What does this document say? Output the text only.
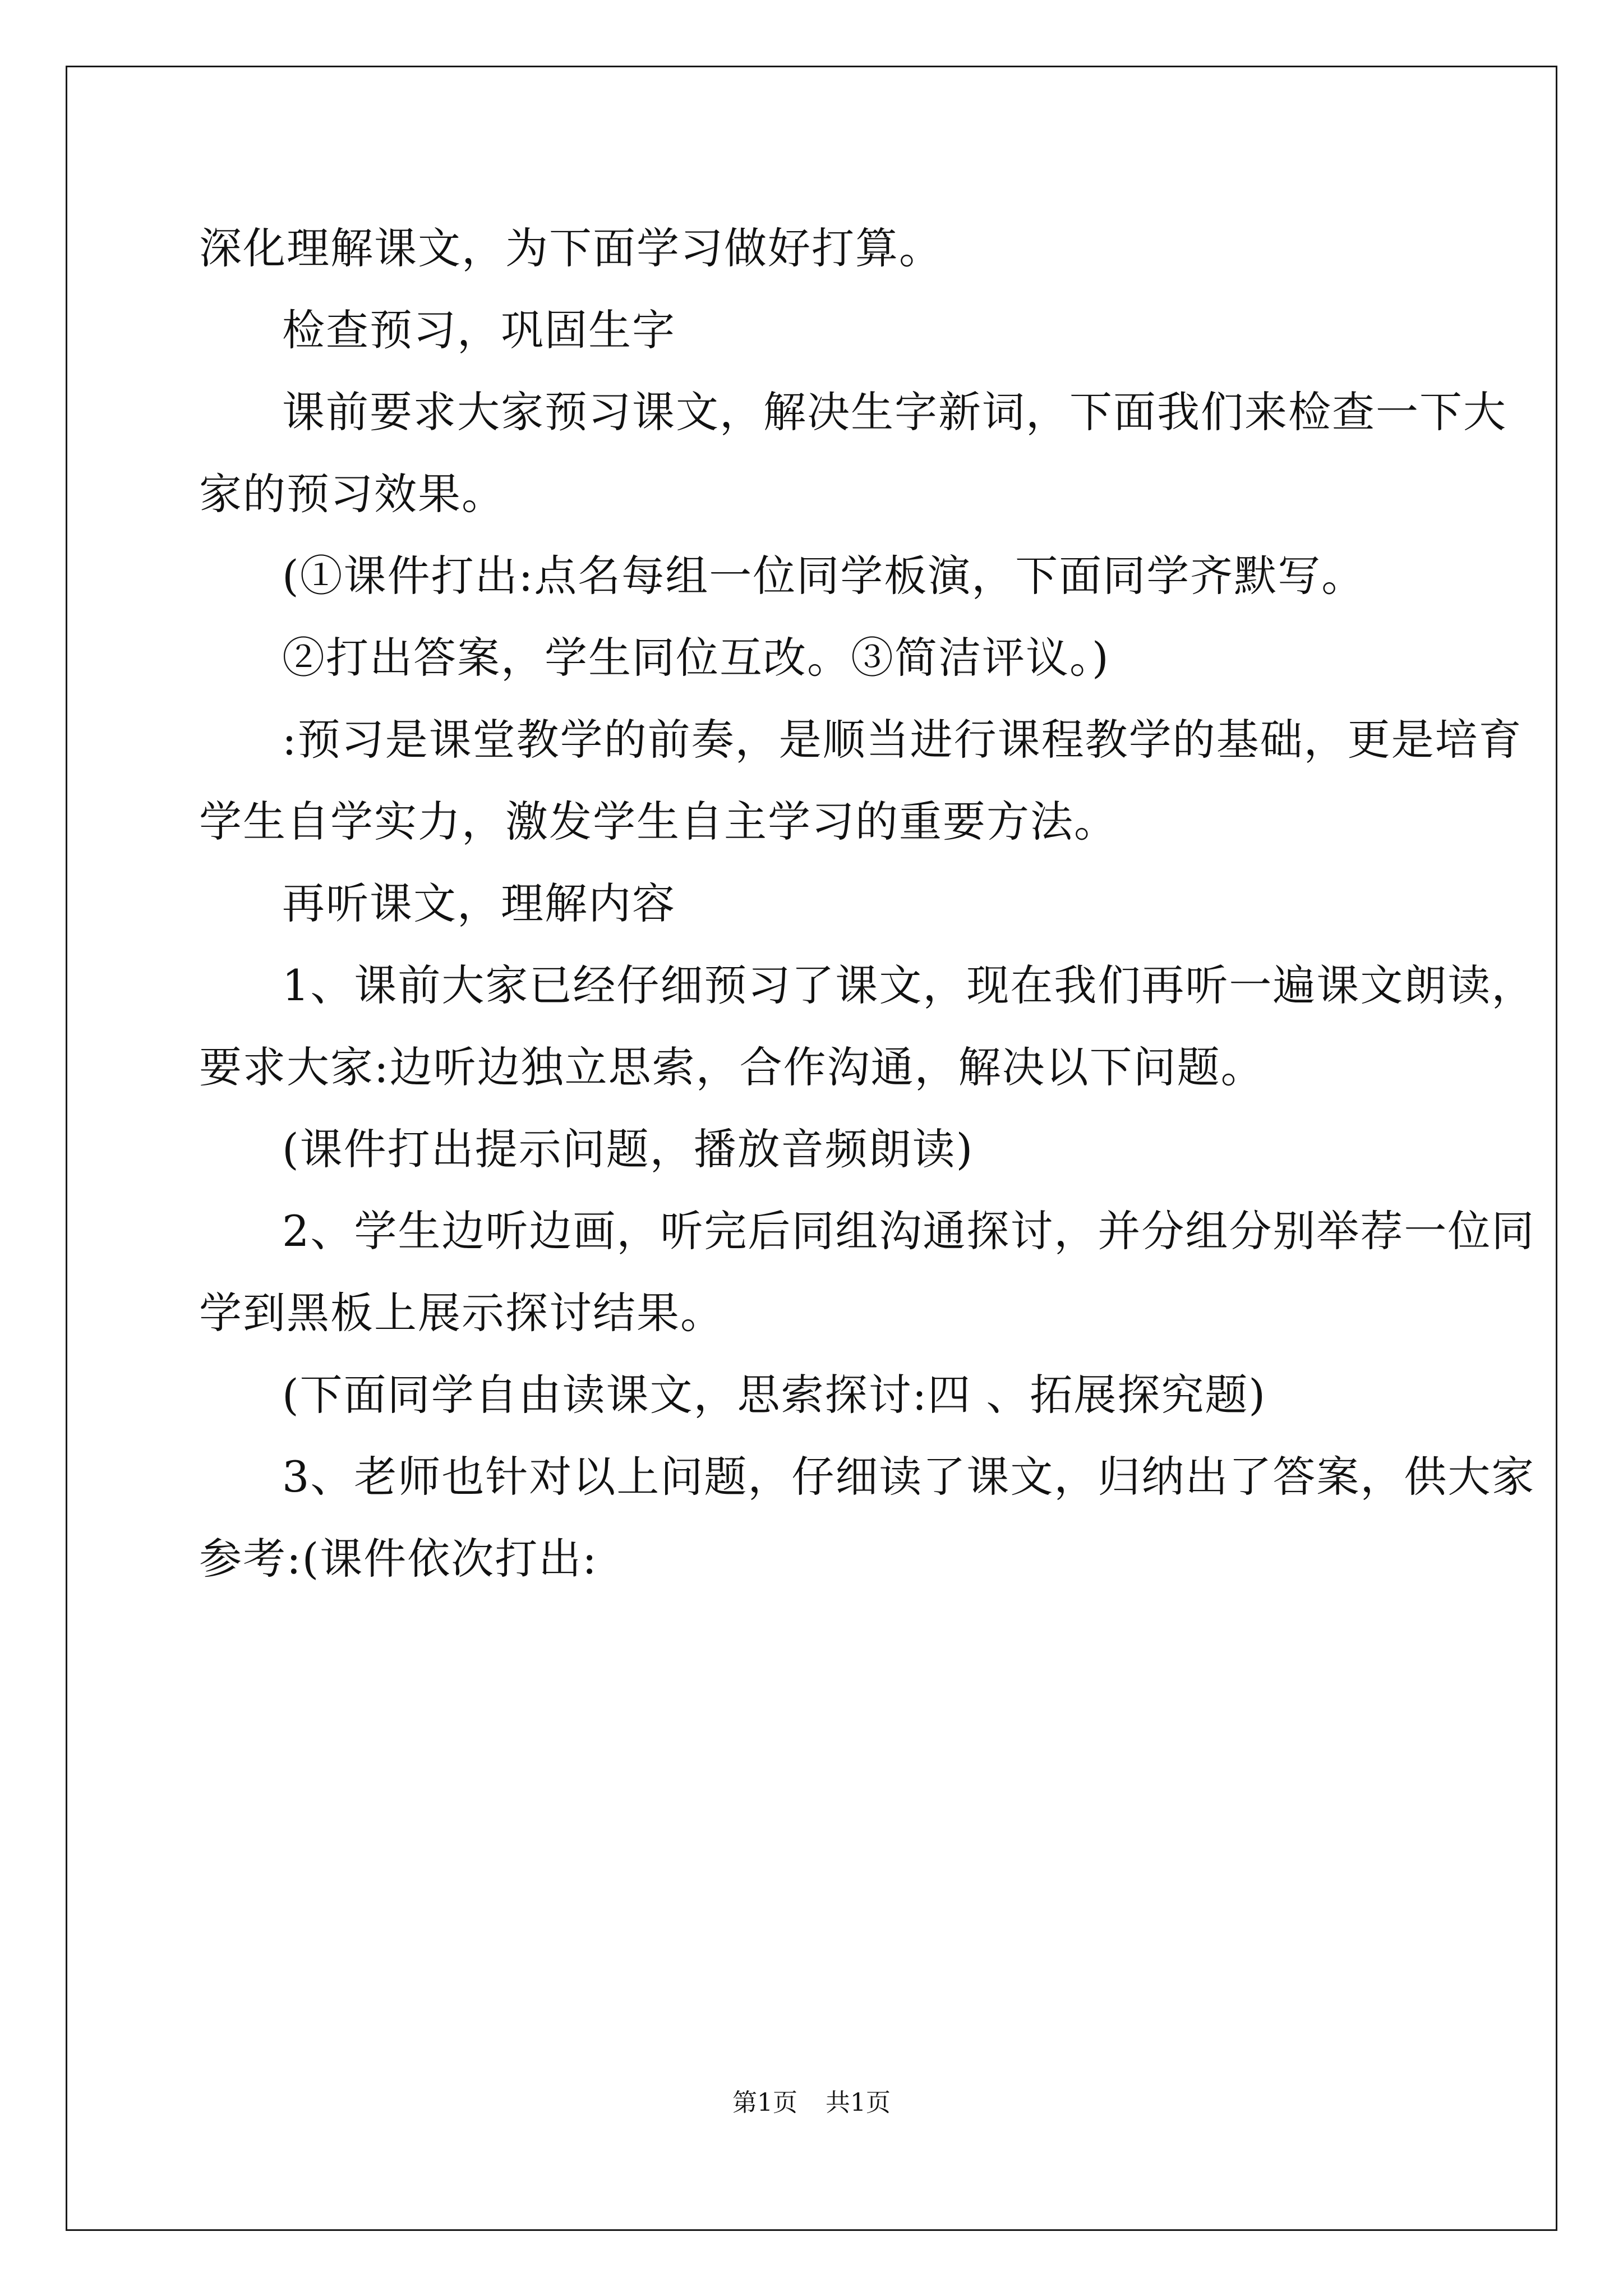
深化理解课文，为下面学习做好打算。

检查预习，巩固生字

课前要求大家预习课文，解决生字新词，下面我们来检查一下大

家的预习效果。

(①课件打出:点名每组一位同学板演，下面同学齐默写。

②打出答案，学生同位互改。③简洁评议。)

:预习是课堂教学的前奏，是顺当进行课程教学的基础，更是培育

学生自学实力，激发学生自主学习的重要方法。

再听课文，理解内容

1、课前大家已经仔细预习了课文，现在我们再听一遍课文朗读，

要求大家:边听边独立思索，合作沟通，解决以下问题。

(课件打出提示问题，播放音频朗读)

2、学生边听边画，听完后同组沟通探讨，并分组分别举荐一位同

学到黑板上展示探讨结果。

(下面同学自由读课文，思索探讨:四 、拓展探究题)

3、老师也针对以上问题，仔细读了课文，归纳出了答案，供大家

参考:(课件依次打出:

第1页 共1页
